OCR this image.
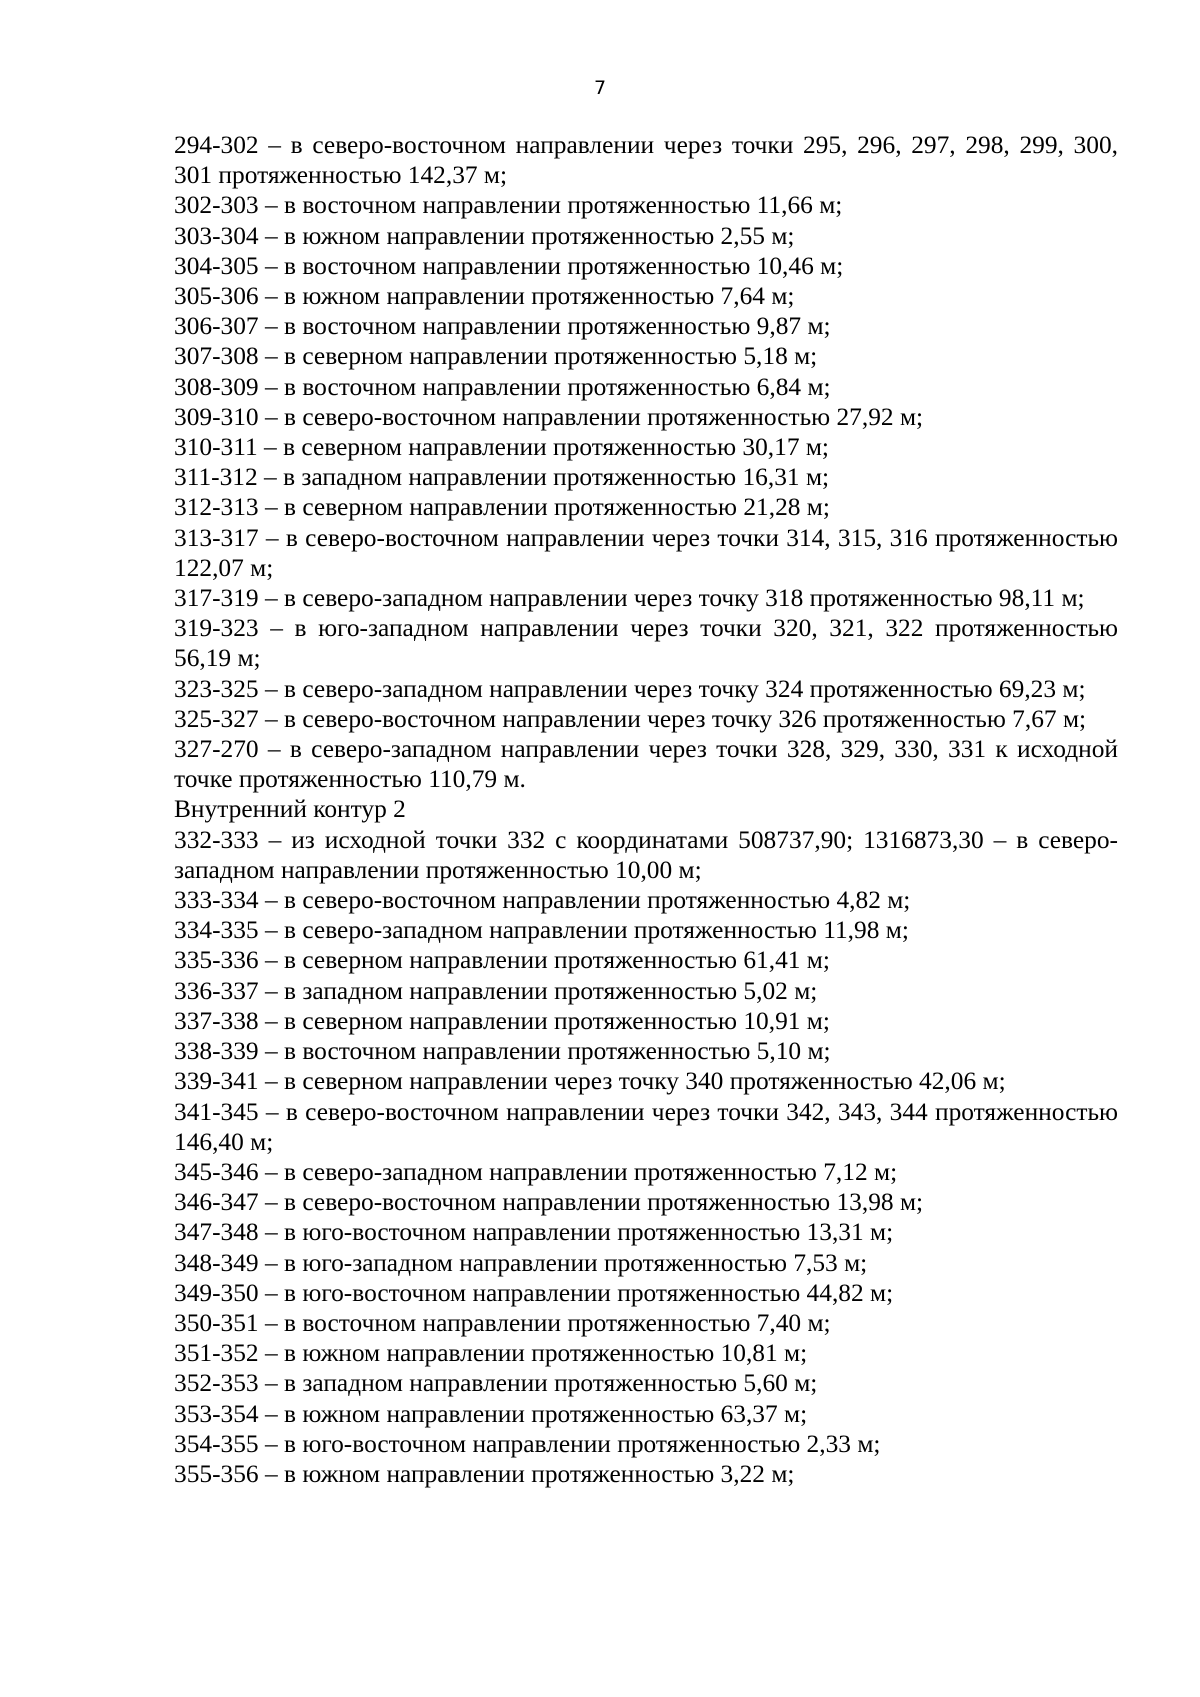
7

294-302 – в северо-восточном направлении через точки 295, 296, 297, 298, 299, 300, 301 протяженностью 142,37 м;

302-303 – в восточном направлении протяженностью 11,66 м;

303-304 – в южном направлении протяженностью 2,55 м;

304-305 – в восточном направлении протяженностью 10,46 м;

305-306 – в южном направлении протяженностью 7,64 м;

306-307 – в восточном направлении протяженностью 9,87 м;

307-308 – в северном направлении протяженностью 5,18 м;

308-309 – в восточном направлении протяженностью 6,84 м;

309-310 – в северо-восточном направлении протяженностью 27,92 м;

310-311 – в северном направлении протяженностью 30,17 м;

311-312 – в западном направлении протяженностью 16,31 м;

312-313 – в северном направлении протяженностью 21,28 м;

313-317 – в северо-восточном направлении через точки 314, 315, 316 протяженностью 122,07 м;

317-319 – в северо-западном направлении через точку 318 протяженностью 98,11 м;

319-323 – в юго-западном направлении через точки 320, 321, 322 протяженностью 56,19 м;

323-325 – в северо-западном направлении через точку 324 протяженностью 69,23 м;

325-327 – в северо-восточном направлении через точку 326 протяженностью 7,67 м;

327-270 – в северо-западном направлении через точки 328, 329, 330, 331 к исходной точке протяженностью 110,79 м.

Внутренний контур 2

332-333 – из исходной точки 332 с координатами 508737,90; 1316873,30 – в северо-западном направлении протяженностью 10,00 м;

333-334 – в северо-восточном направлении протяженностью 4,82 м;

334-335 – в северо-западном направлении протяженностью 11,98 м;

335-336 – в северном направлении протяженностью 61,41 м;

336-337 – в западном направлении протяженностью 5,02 м;

337-338 – в северном направлении протяженностью 10,91 м;

338-339 – в восточном направлении протяженностью 5,10 м;

339-341 – в северном направлении через точку 340 протяженностью 42,06 м;

341-345 – в северо-восточном направлении через точки 342, 343, 344 протяженностью 146,40 м;

345-346 – в северо-западном направлении протяженностью 7,12 м;

346-347 – в северо-восточном направлении протяженностью 13,98 м;

347-348 – в юго-восточном направлении протяженностью 13,31 м;

348-349 – в юго-западном направлении протяженностью 7,53 м;

349-350 – в юго-восточном направлении протяженностью 44,82 м;

350-351 – в восточном направлении протяженностью 7,40 м;

351-352 – в южном направлении протяженностью 10,81 м;

352-353 – в западном направлении протяженностью 5,60 м;

353-354 – в южном направлении протяженностью 63,37 м;

354-355 – в юго-восточном направлении протяженностью 2,33 м;

355-356 – в южном направлении протяженностью 3,22 м;
